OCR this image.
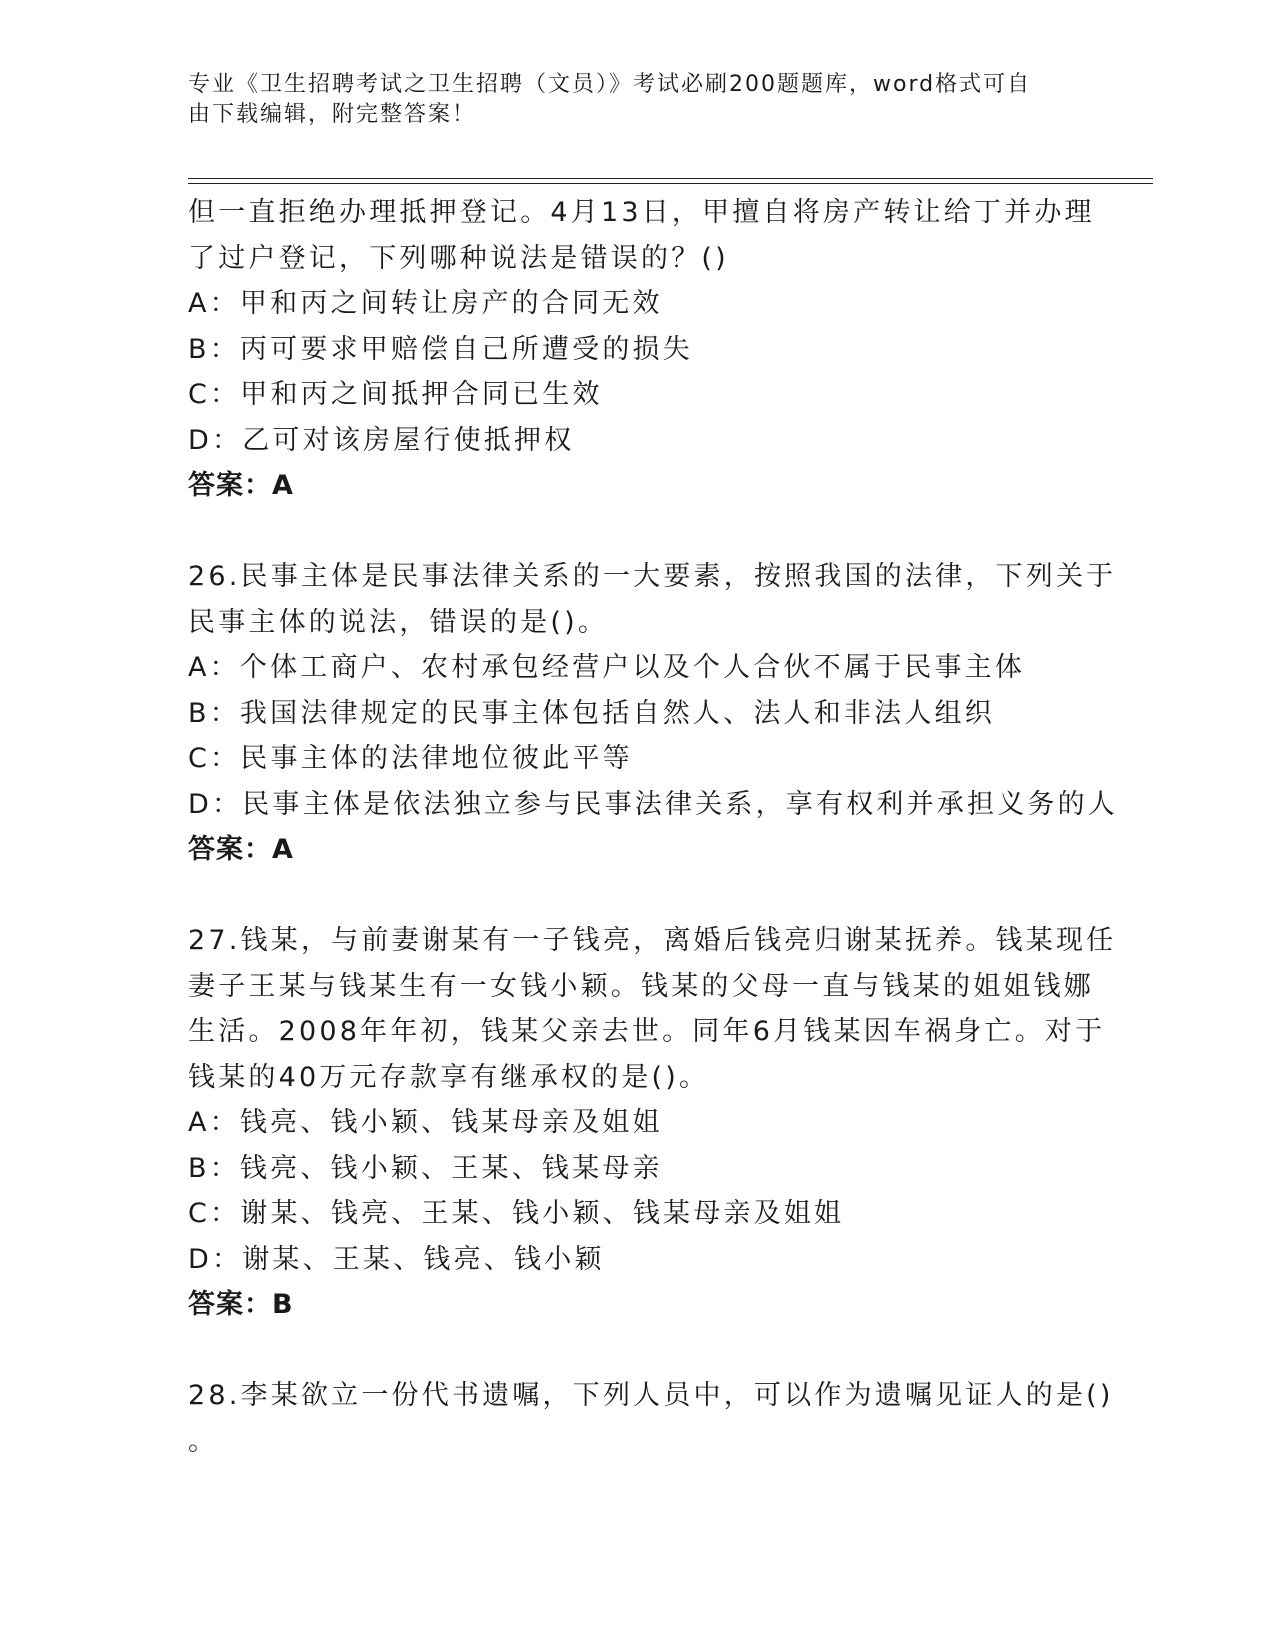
专业《卫生招聘考试之卫生招聘（文员）》考试必刷200题题库，word格式可自
由下载编辑，附完整答案！
但一直拒绝办理抵押登记。4月13日，甲擅自将房产转让给丁并办理
了过户登记，下列哪种说法是错误的？()
A：甲和丙之间转让房产的合同无效
B：丙可要求甲赔偿自己所遭受的损失
C：甲和丙之间抵押合同已生效
D：乙可对该房屋行使抵押权
答案：A
26.民事主体是民事法律关系的一大要素，按照我国的法律，下列关于
民事主体的说法，错误的是()。
A：个体工商户、农村承包经营户以及个人合伙不属于民事主体
B：我国法律规定的民事主体包括自然人、法人和非法人组织
C：民事主体的法律地位彼此平等
D：民事主体是依法独立参与民事法律关系，享有权利并承担义务的人
答案：A
27.钱某，与前妻谢某有一子钱亮，离婚后钱亮归谢某抚养。钱某现任
妻子王某与钱某生有一女钱小颖。钱某的父母一直与钱某的姐姐钱娜
生活。2008年年初，钱某父亲去世。同年6月钱某因车祸身亡。对于
钱某的40万元存款享有继承权的是()。
A：钱亮、钱小颖、钱某母亲及姐姐
B：钱亮、钱小颖、王某、钱某母亲
C：谢某、钱亮、王某、钱小颖、钱某母亲及姐姐
D：谢某、王某、钱亮、钱小颖
答案：B
28.李某欲立一份代书遗嘱，下列人员中，可以作为遗嘱见证人的是()
。
